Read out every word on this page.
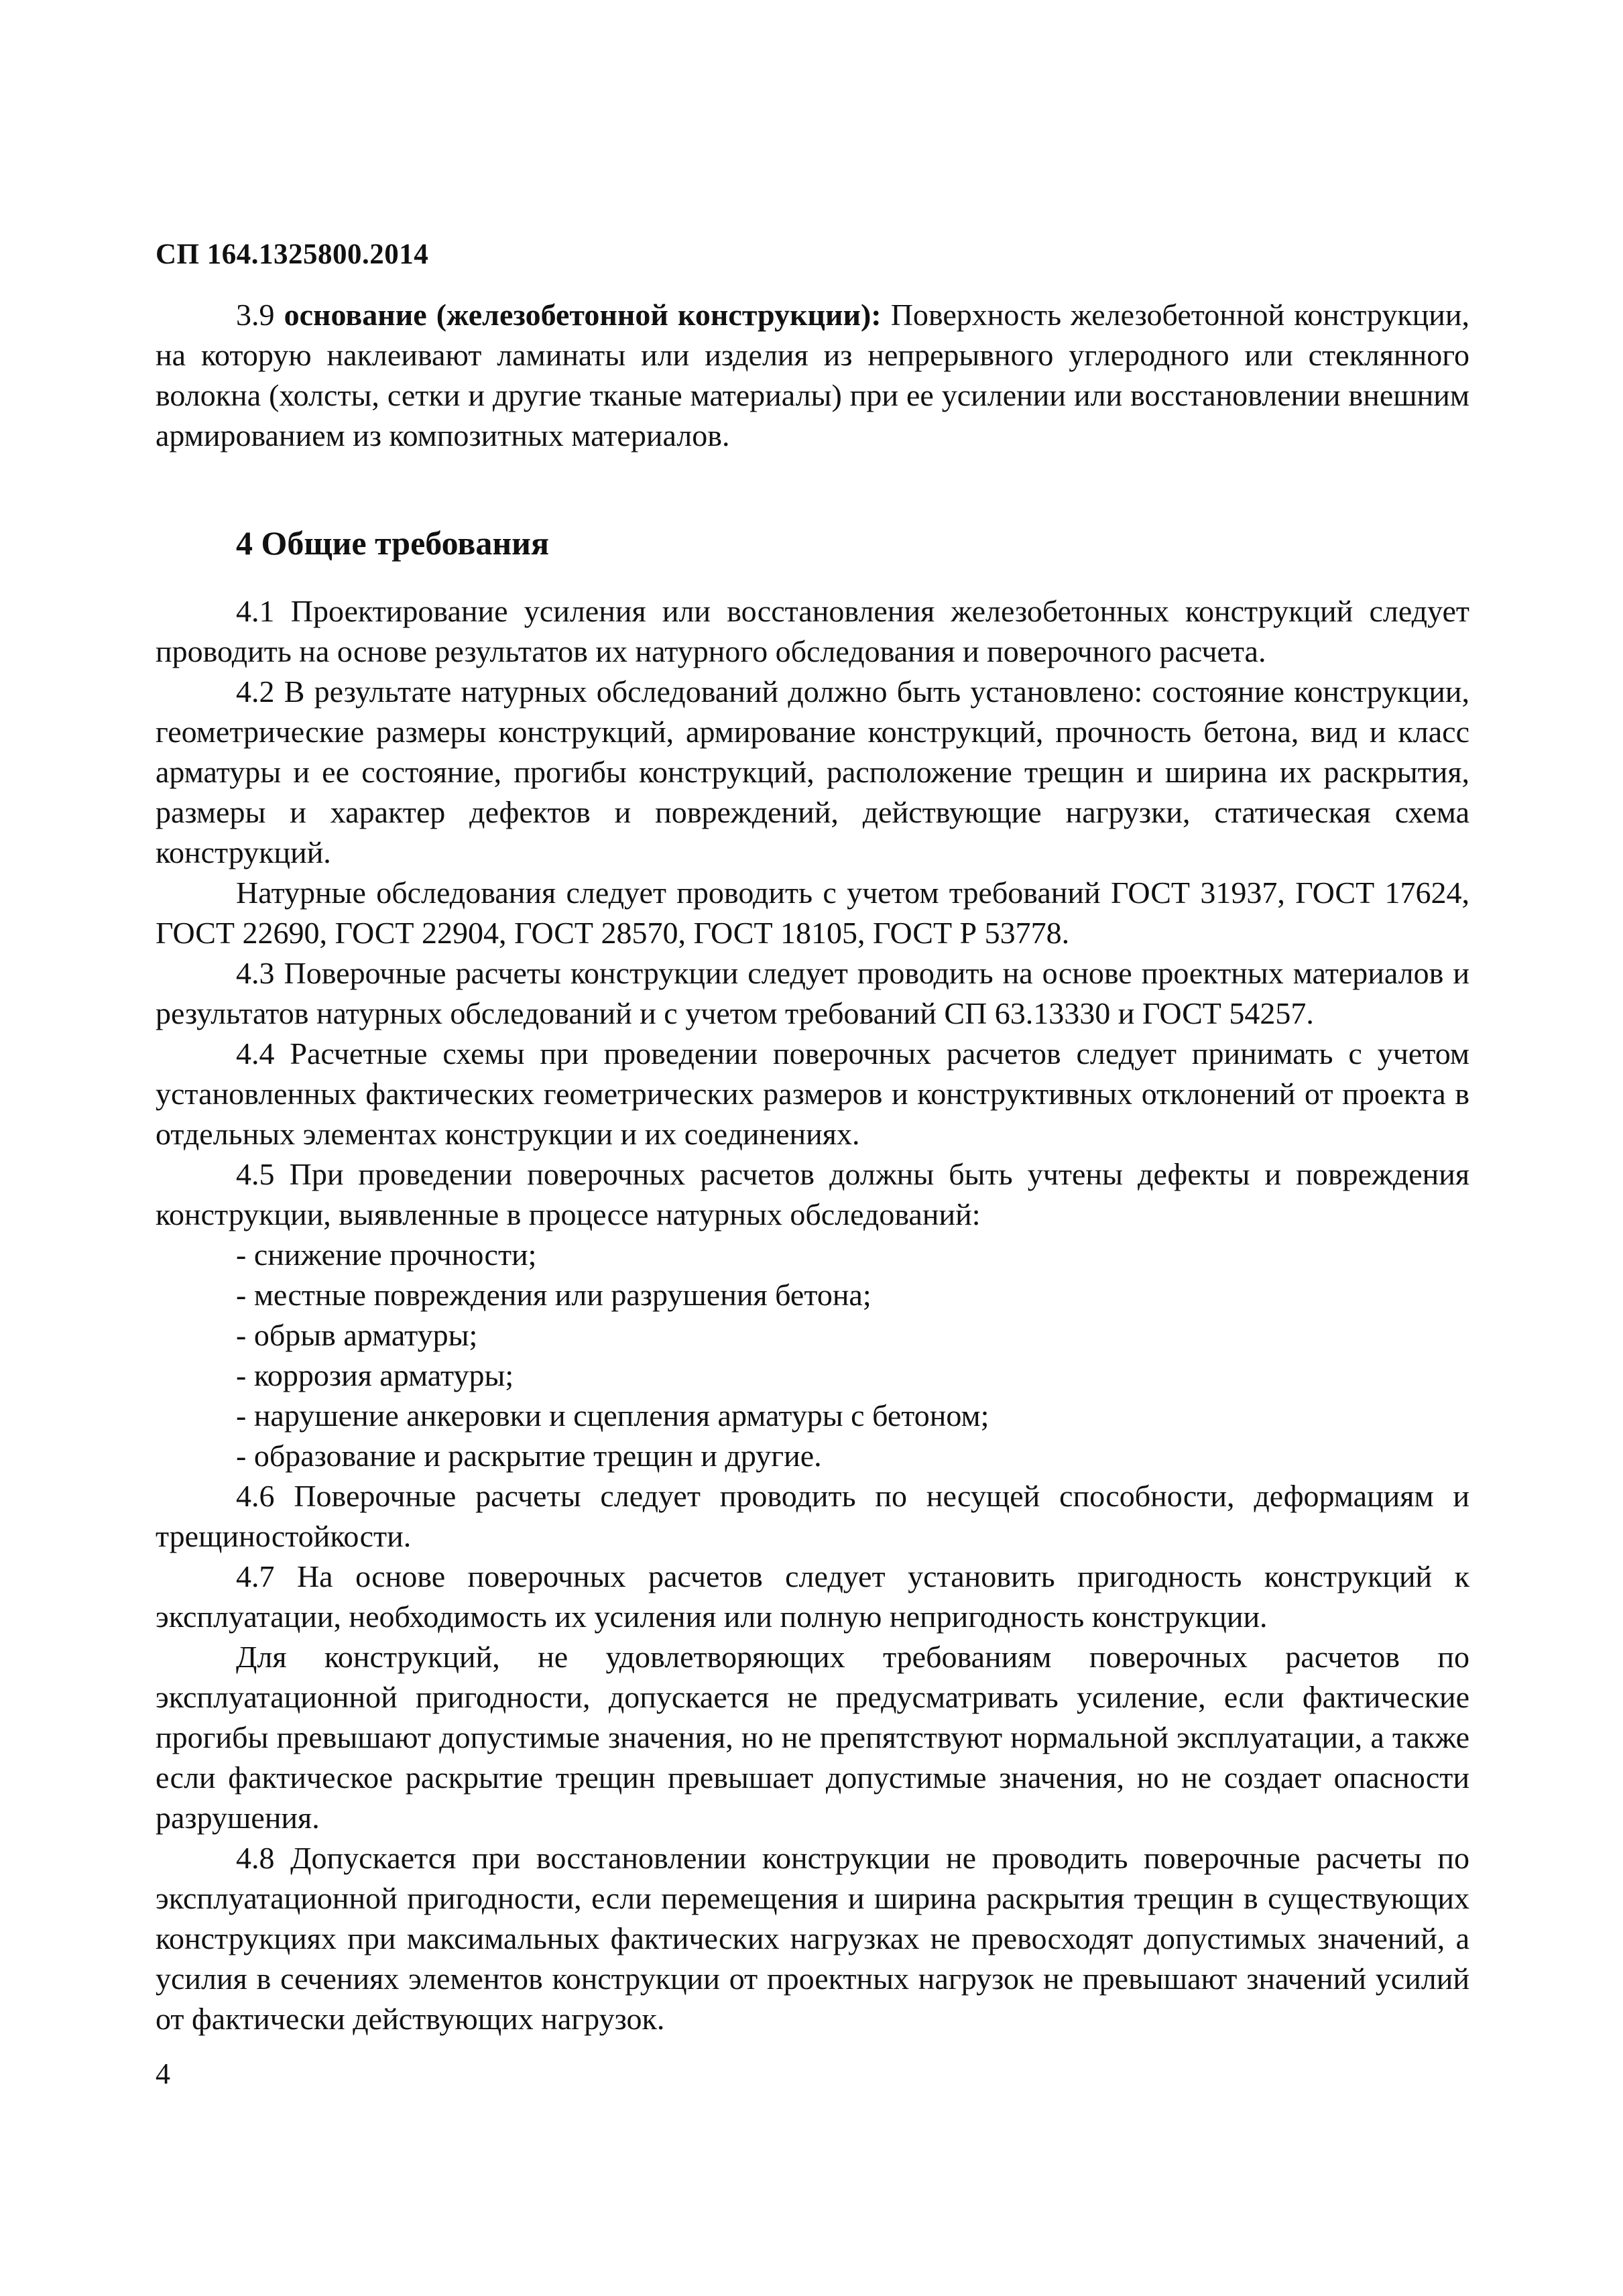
СП 164.1325800.2014

3.9 основание (железобетонной конструкции): Поверхность железобетонной конструкции, на которую наклеивают ламинаты или изделия из непрерывного углеродного или стеклянного волокна (холсты, сетки и другие тканые материалы) при ее усилении или восстановлении внешним армированием из композитных материалов.

4 Общие требования

4.1 Проектирование усиления или восстановления железобетонных конструкций следует проводить на основе результатов их натурного обследования и поверочного расчета.

4.2 В результате натурных обследований должно быть установлено: состояние конструкции, геометрические размеры конструкций, армирование конструкций, прочность бетона, вид и класс арматуры и ее состояние, прогибы конструкций, расположение трещин и ширина их раскрытия, размеры и характер дефектов и повреждений, действующие нагрузки, статическая схема конструкций.

Натурные обследования следует проводить с учетом требований ГОСТ 31937, ГОСТ 17624, ГОСТ 22690, ГОСТ 22904, ГОСТ 28570, ГОСТ 18105, ГОСТ Р 53778.

4.3 Поверочные расчеты конструкции следует проводить на основе проектных материалов и результатов натурных обследований и с учетом требований СП 63.13330 и ГОСТ 54257.

4.4 Расчетные схемы при проведении поверочных расчетов следует принимать с учетом установленных фактических геометрических размеров и конструктивных отклонений от проекта в отдельных элементах конструкции и их соединениях.

4.5 При проведении поверочных расчетов должны быть учтены дефекты и повреждения конструкции, выявленные в процессе натурных обследований:

- снижение прочности;
- местные повреждения или разрушения бетона;
- обрыв арматуры;
- коррозия арматуры;
- нарушение анкеровки и сцепления арматуры с бетоном;
- образование и раскрытие трещин и другие.

4.6 Поверочные расчеты следует проводить по несущей способности, деформациям и трещиностойкости.

4.7 На основе поверочных расчетов следует установить пригодность конструкций к эксплуатации, необходимость их усиления или полную непригодность конструкции.

Для конструкций, не удовлетворяющих требованиям поверочных расчетов по эксплуатационной пригодности, допускается не предусматривать усиление, если фактические прогибы превышают допустимые значения, но не препятствуют нормальной эксплуатации, а также если фактическое раскрытие трещин превышает допустимые значения, но не создает опасности разрушения.

4.8 Допускается при восстановлении конструкции не проводить поверочные расчеты по эксплуатационной пригодности, если перемещения и ширина раскрытия трещин в существующих конструкциях при максимальных фактических нагрузках не превосходят допустимых значений, а усилия в сечениях элементов конструкции от проектных нагрузок не превышают значений усилий от фактически действующих нагрузок.

4
